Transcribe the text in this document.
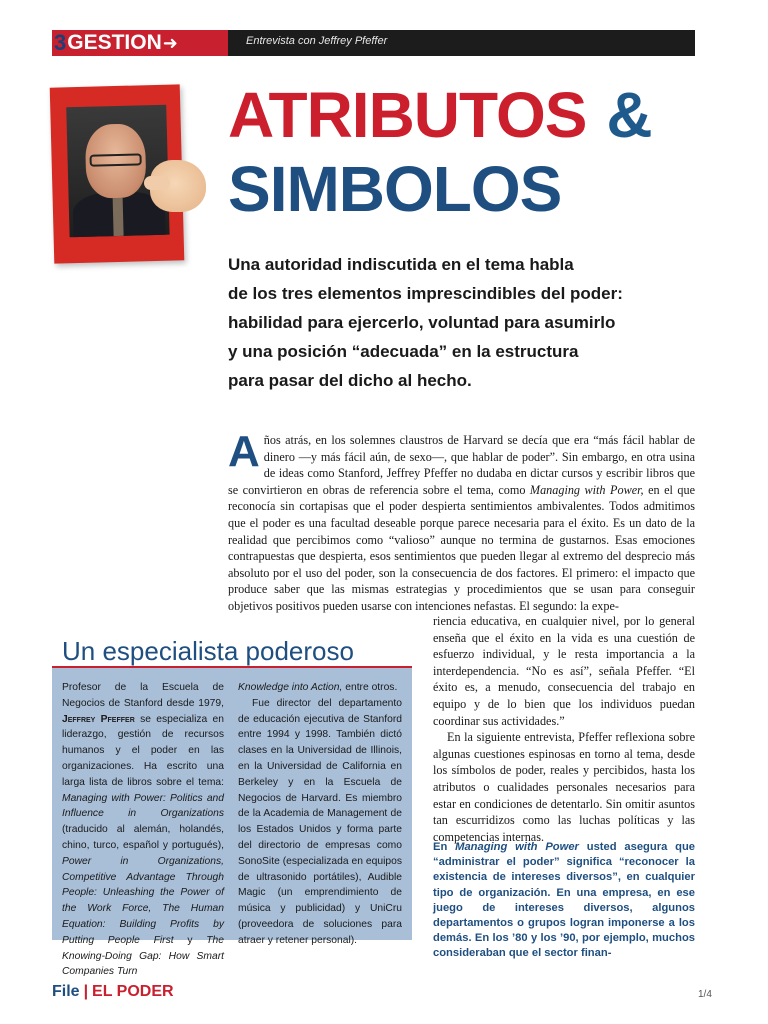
3 GESTION ➜	Entrevista con Jeffrey Pfeffer
ATRIBUTOS &
SIMBOLOS
Una autoridad indiscutida en el tema habla
de los tres elementos imprescindibles del poder:
habilidad para ejercerlo, voluntad para asumirlo
y una posición “adecuada” en la estructura
para pasar del dicho al hecho.
A ños atrás, en los solemnes claustros de Harvard se decía que era “más fácil hablar de dinero —y más fácil aún, de sexo—, que hablar de poder”. Sin embargo, en otra usina de ideas como Stanford, Jeffrey Pfeffer no dudaba en dictar cursos y escribir libros que se convirtieron en obras de referencia sobre el tema, como Managing with Power, en el que reconocía sin cortapisas que el poder despierta sentimientos ambivalentes. Todos admitimos que el poder es una facultad deseable porque parece necesaria para el éxito. Es un dato de la realidad que percibimos como “valioso” aunque no termina de gustarnos. Esas emociones contrapuestas que despierta, esos sentimientos que pueden llegar al extremo del desprecio más absoluto por el uso del poder, son la consecuencia de dos factores. El primero: el impacto que produce saber que las mismas estrategias y procedimientos que se usan para conseguir objetivos positivos pueden usarse con intenciones nefastas. El segundo: la expe-

riencia educativa, en cualquier nivel, por lo general enseña que el éxito en la vida es una cuestión de esfuerzo individual, y le resta importancia a la interdependencia. “No es así”, señala Pfeffer. “El éxito es, a menudo, consecuencia del trabajo en equipo y de lo bien que los individuos puedan coordinar sus actividades.”

En la siguiente entrevista, Pfeffer reflexiona sobre algunas cuestiones espinosas en torno al tema, desde los símbolos de poder, reales y percibidos, hasta los atributos o cualidades personales necesarios para estar en condiciones de detentarlo. Sin omitir asuntos tan escurridizos como las luchas políticas y las competencias internas.

En Managing with Power usted asegura que “administrar el poder” significa “reconocer la existencia de intereses diversos”, en cualquier tipo de organización. En una empresa, en ese juego de intereses diversos, algunos departamentos o grupos logran imponerse a los demás. En los ’80 y los ’90, por ejemplo, muchos consideraban que el sector finan-
Un especialista poderoso
Profesor de la Escuela de Negocios de Stanford desde 1979, Jeffrey Pfeffer se especializa en liderazgo, gestión de recursos humanos y el poder en las organizaciones. Ha escrito una larga lista de libros sobre el tema: Managing with Power: Politics and Influence in Organizations (traducido al alemán, holandés, chino, turco, español y portugués), Power in Organizations, Competitive Advantage Through People: Unleashing the Power of the Work Force, The Human Equation: Building Profits by Putting People First y The Knowing-Doing Gap: How Smart Companies Turn

Knowledge into Action, entre otros.

Fue director del departamento de educación ejecutiva de Stanford entre 1994 y 1998. También dictó clases en la Universidad de Illinois, en la Universidad de California en Berkeley y en la Escuela de Negocios de Harvard. Es miembro de la Academia de Management de los Estados Unidos y forma parte del directorio de empresas como SonoSite (especializada en equipos de ultrasonido portátiles), Audible Magic (un emprendimiento de música y publicidad) y UniCru (proveedora de soluciones para atraer y retener personal).

File | EL PODER	1/4
